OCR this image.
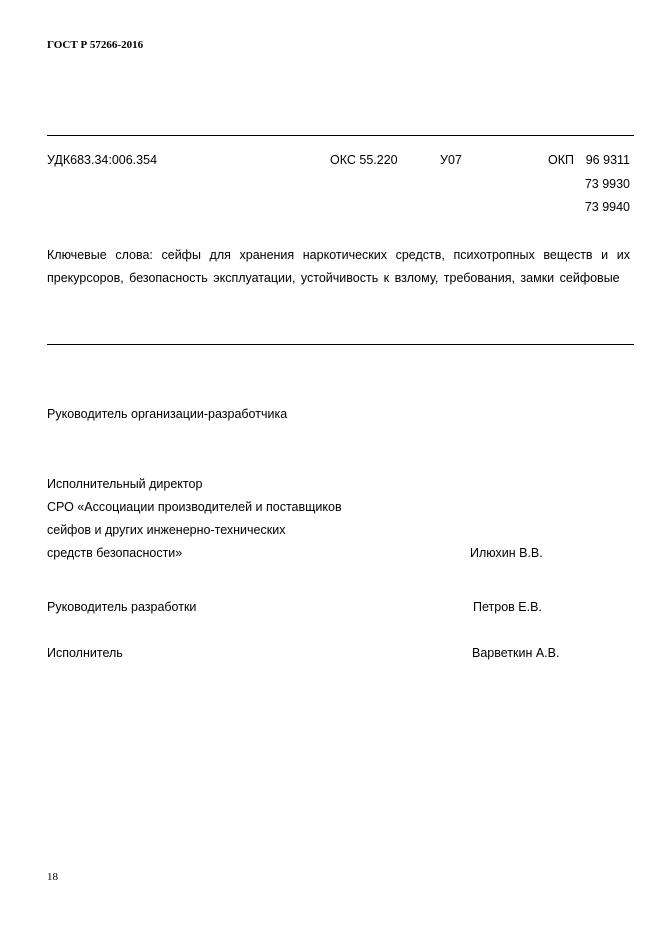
ГОСТ Р 57266-2016
УДК683.34:006.354	ОКС 55.220	У07	ОКП 96 9311
73 9930
73 9940
Ключевые слова: сейфы для хранения наркотических средств, психотропных веществ и их прекурсоров, безопасность эксплуатации, устойчивость к взлому, требования, замки сейфовые
Руководитель организации-разработчика
Исполнительный директор
СРО «Ассоциации производителей и поставщиков
сейфов и других инженерно-технических
средств безопасности»	Илюхин В.В.
Руководитель разработки	Петров Е.В.
Исполнитель	Варветкин А.В.
18
